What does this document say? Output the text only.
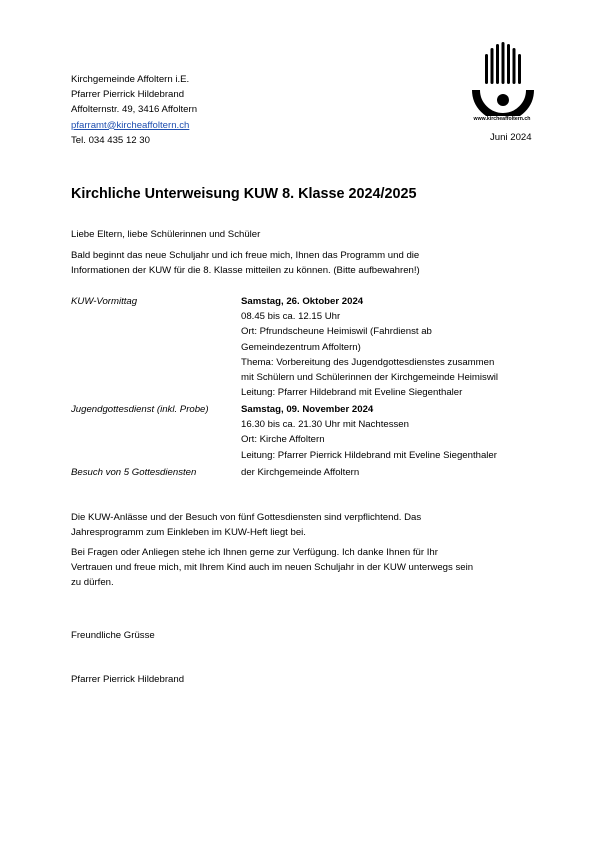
Kirchgemeinde Affoltern i.E.
Pfarrer Pierrick Hildebrand
Affolternstr. 49, 3416 Affoltern
pfarramt@kircheaffoltern.ch
Tel. 034 435 12 30
www.kircheaffoltern.ch
Juni 2024
Kirchliche Unterweisung KUW 8. Klasse 2024/2025
Liebe Eltern, liebe Schülerinnen und Schüler
Bald beginnt das neue Schuljahr und ich freue mich, Ihnen das Programm und die
Informationen der KUW für die 8. Klasse mitteilen zu können. (Bitte aufbewahren!)
KUW-Vormittag	Samstag, 26. Oktober 2024
08.45 bis ca. 12.15 Uhr
Ort: Pfrundscheune Heimiswil (Fahrdienst ab
Gemeindezentrum Affoltern)
Thema: Vorbereitung des Jugendgottesdienstes zusammen
mit Schülern und Schülerinnen der Kirchgemeinde Heimiswil
Leitung: Pfarrer Hildebrand mit Eveline Siegenthaler
Jugendgottesdienst (inkl. Probe)	Samstag, 09. November 2024
16.30 bis ca. 21.30 Uhr mit Nachtessen
Ort: Kirche Affoltern
Leitung: Pfarrer Pierrick Hildebrand mit Eveline Siegenthaler
Besuch von 5 Gottesdiensten	der Kirchgemeinde Affoltern
Die KUW-Anlässe und der Besuch von fünf Gottesdiensten sind verpflichtend. Das
Jahresprogramm zum Einkleben im KUW-Heft liegt bei.
Bei Fragen oder Anliegen stehe ich Ihnen gerne zur Verfügung. Ich danke Ihnen für Ihr
Vertrauen und freue mich, mit Ihrem Kind auch im neuen Schuljahr in der KUW unterwegs sein
zu dürfen.
Freundliche Grüsse
Pfarrer Pierrick Hildebrand
